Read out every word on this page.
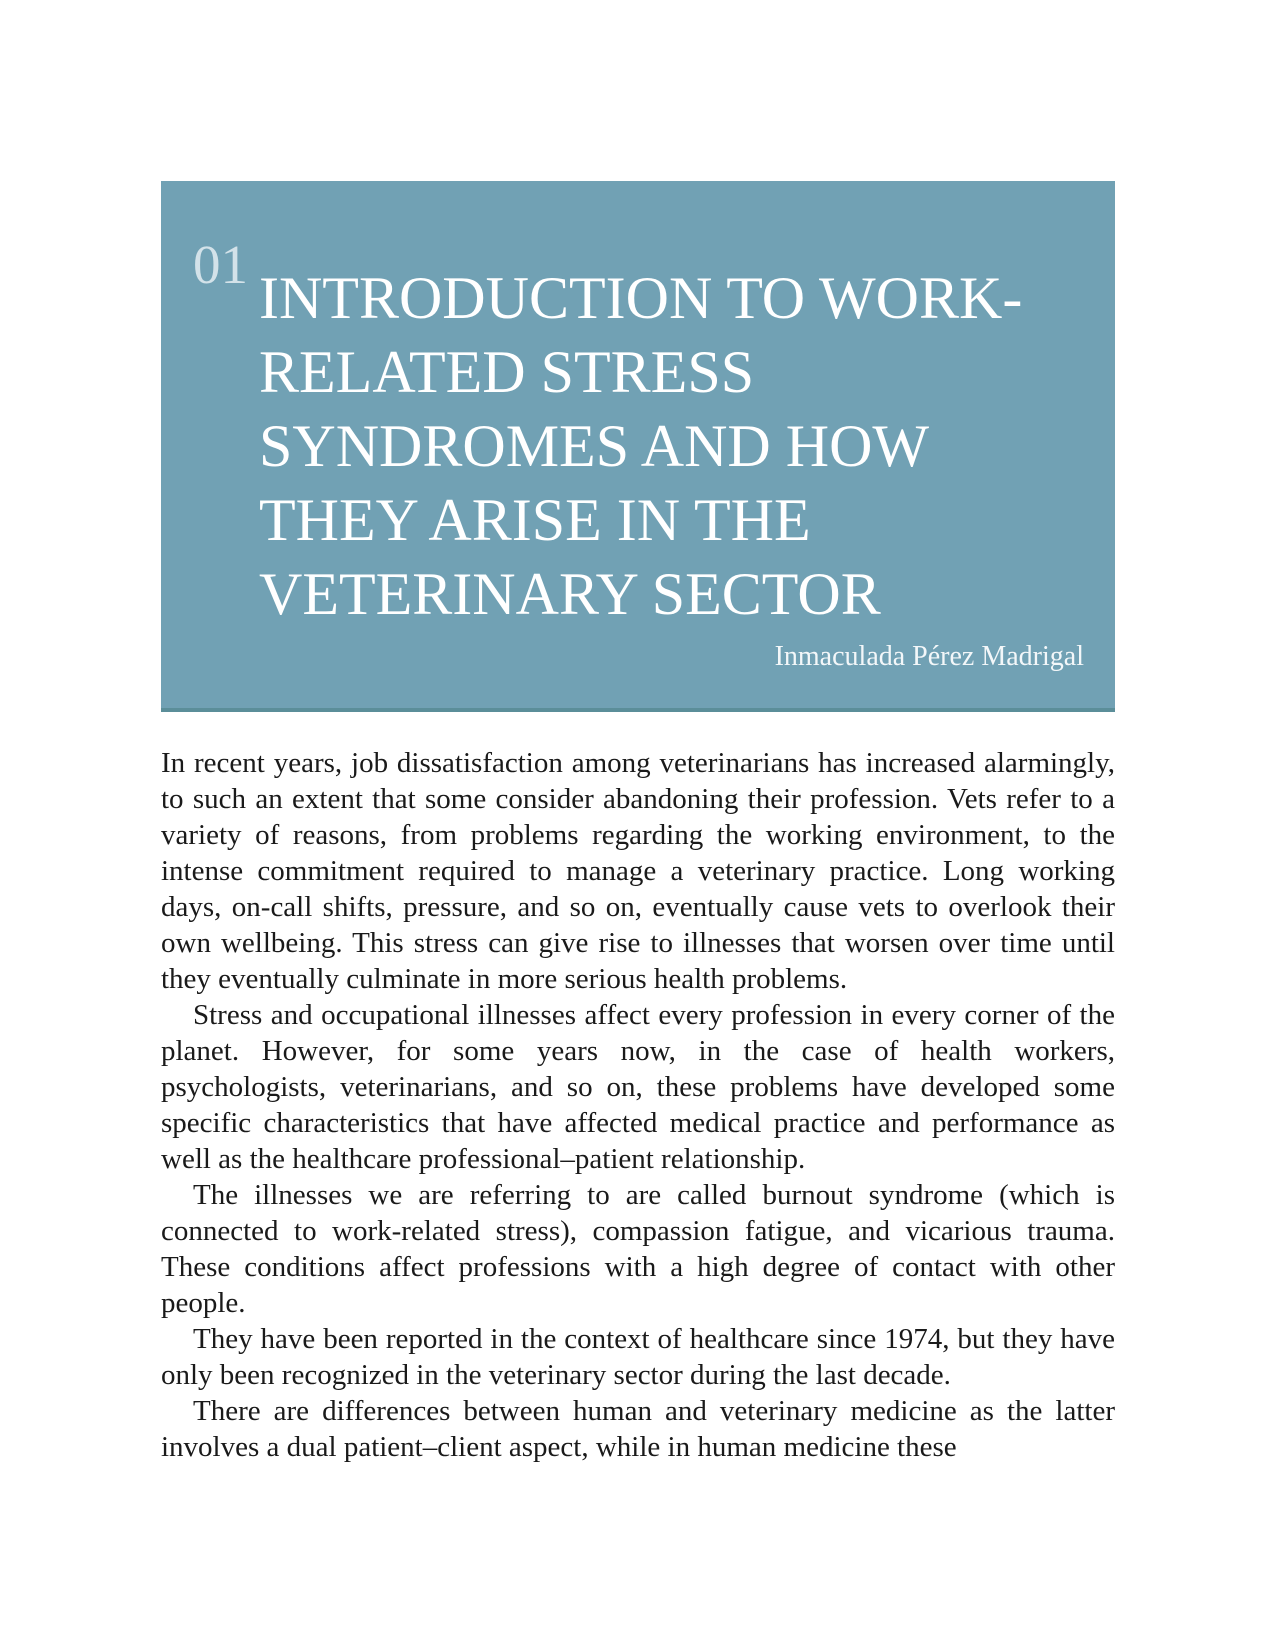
01
INTRODUCTION TO WORK-RELATED STRESS SYNDROMES AND HOW THEY ARISE IN THE VETERINARY SECTOR
Inmaculada Pérez Madrigal

In recent years, job dissatisfaction among veterinarians has increased alarmingly, to such an extent that some consider abandoning their profession. Vets refer to a variety of reasons, from problems regarding the working environment, to the intense commitment required to manage a veterinary practice. Long working days, on-call shifts, pressure, and so on, eventually cause vets to overlook their own wellbeing. This stress can give rise to illnesses that worsen over time until they eventually culminate in more serious health problems.

Stress and occupational illnesses affect every profession in every corner of the planet. However, for some years now, in the case of health workers, psychologists, veterinarians, and so on, these problems have developed some specific characteristics that have affected medical practice and performance as well as the healthcare professional–patient relationship.

The illnesses we are referring to are called burnout syndrome (which is connected to work-related stress), compassion fatigue, and vicarious trauma. These conditions affect professions with a high degree of contact with other people.

They have been reported in the context of healthcare since 1974, but they have only been recognized in the veterinary sector during the last decade.

There are differences between human and veterinary medicine as the latter involves a dual patient–client aspect, while in human medicine these
